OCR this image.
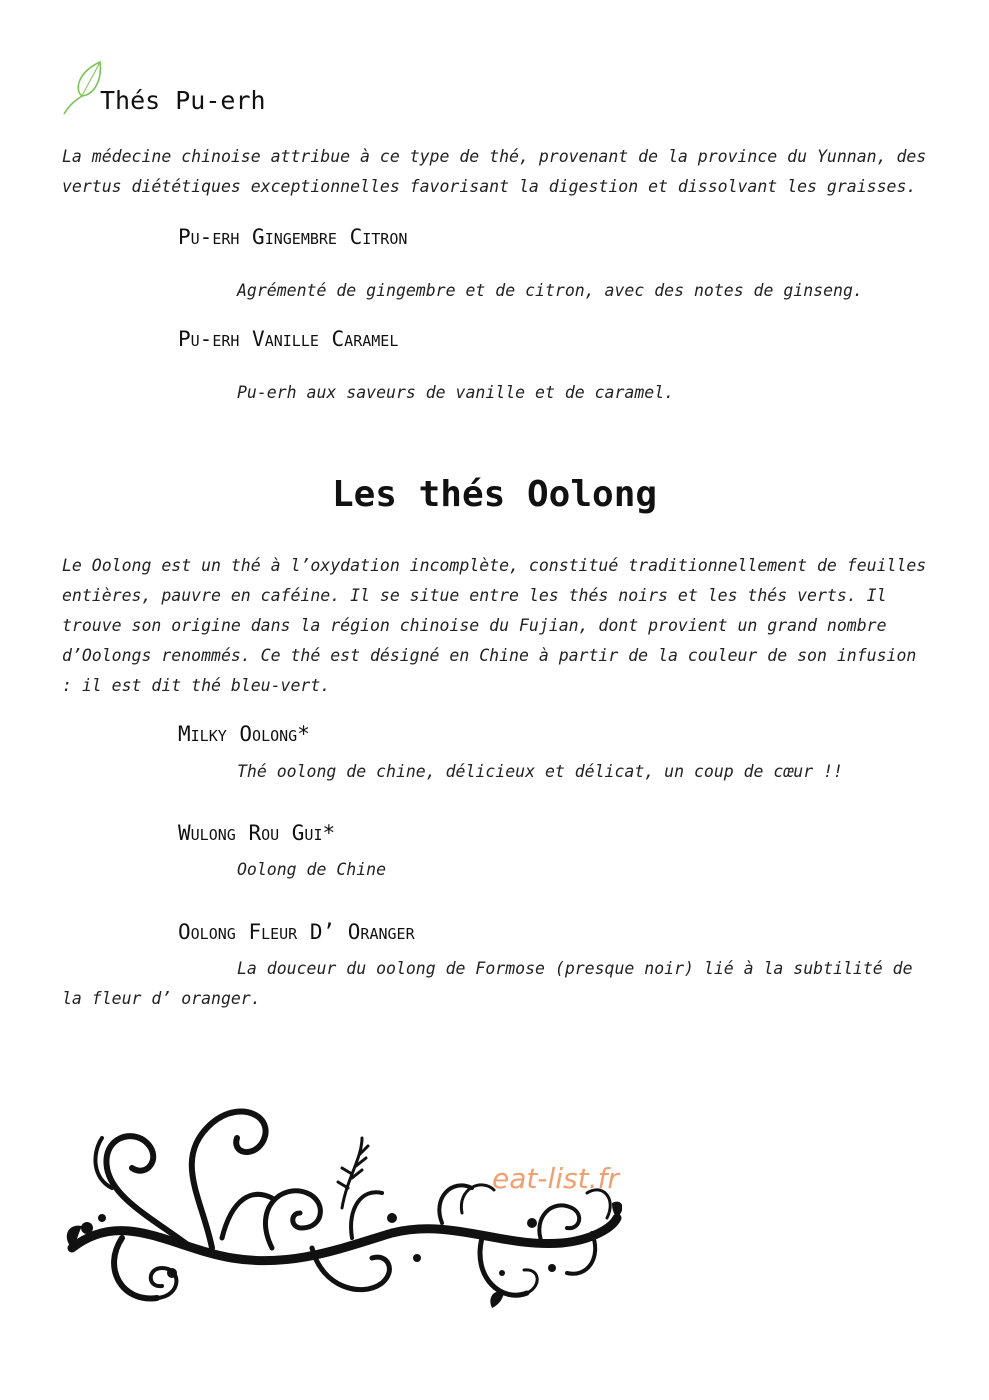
Thés Pu-erh

La médecine chinoise attribue à ce type de thé, provenant de la province du Yunnan, des vertus diététiques exceptionnelles favorisant la digestion et dissolvant les graisses.

Pu-erh Gingembre Citron

Agrémenté de gingembre et de citron, avec des notes de ginseng.

Pu-erh Vanille Caramel

Pu-erh aux saveurs de vanille et de caramel.

Les thés Oolong

Le Oolong est un thé à l’oxydation incomplète, constitué traditionnellement de feuilles entières, pauvre en caféine. Il se situe entre les thés noirs et les thés verts. Il trouve son origine dans la région chinoise du Fujian, dont provient un grand nombre d’Oolongs renommés. Ce thé est désigné en Chine à partir de la couleur de son infusion : il est dit thé bleu-vert.

Milky Oolong*

Thé oolong de chine, délicieux et délicat, un coup de cœur !!

Wulong Rou Gui*

Oolong de Chine

Oolong Fleur D’ Oranger

La douceur du oolong de Formose (presque noir) lié à la subtilité de la fleur d’ oranger.

eat-list.fr
